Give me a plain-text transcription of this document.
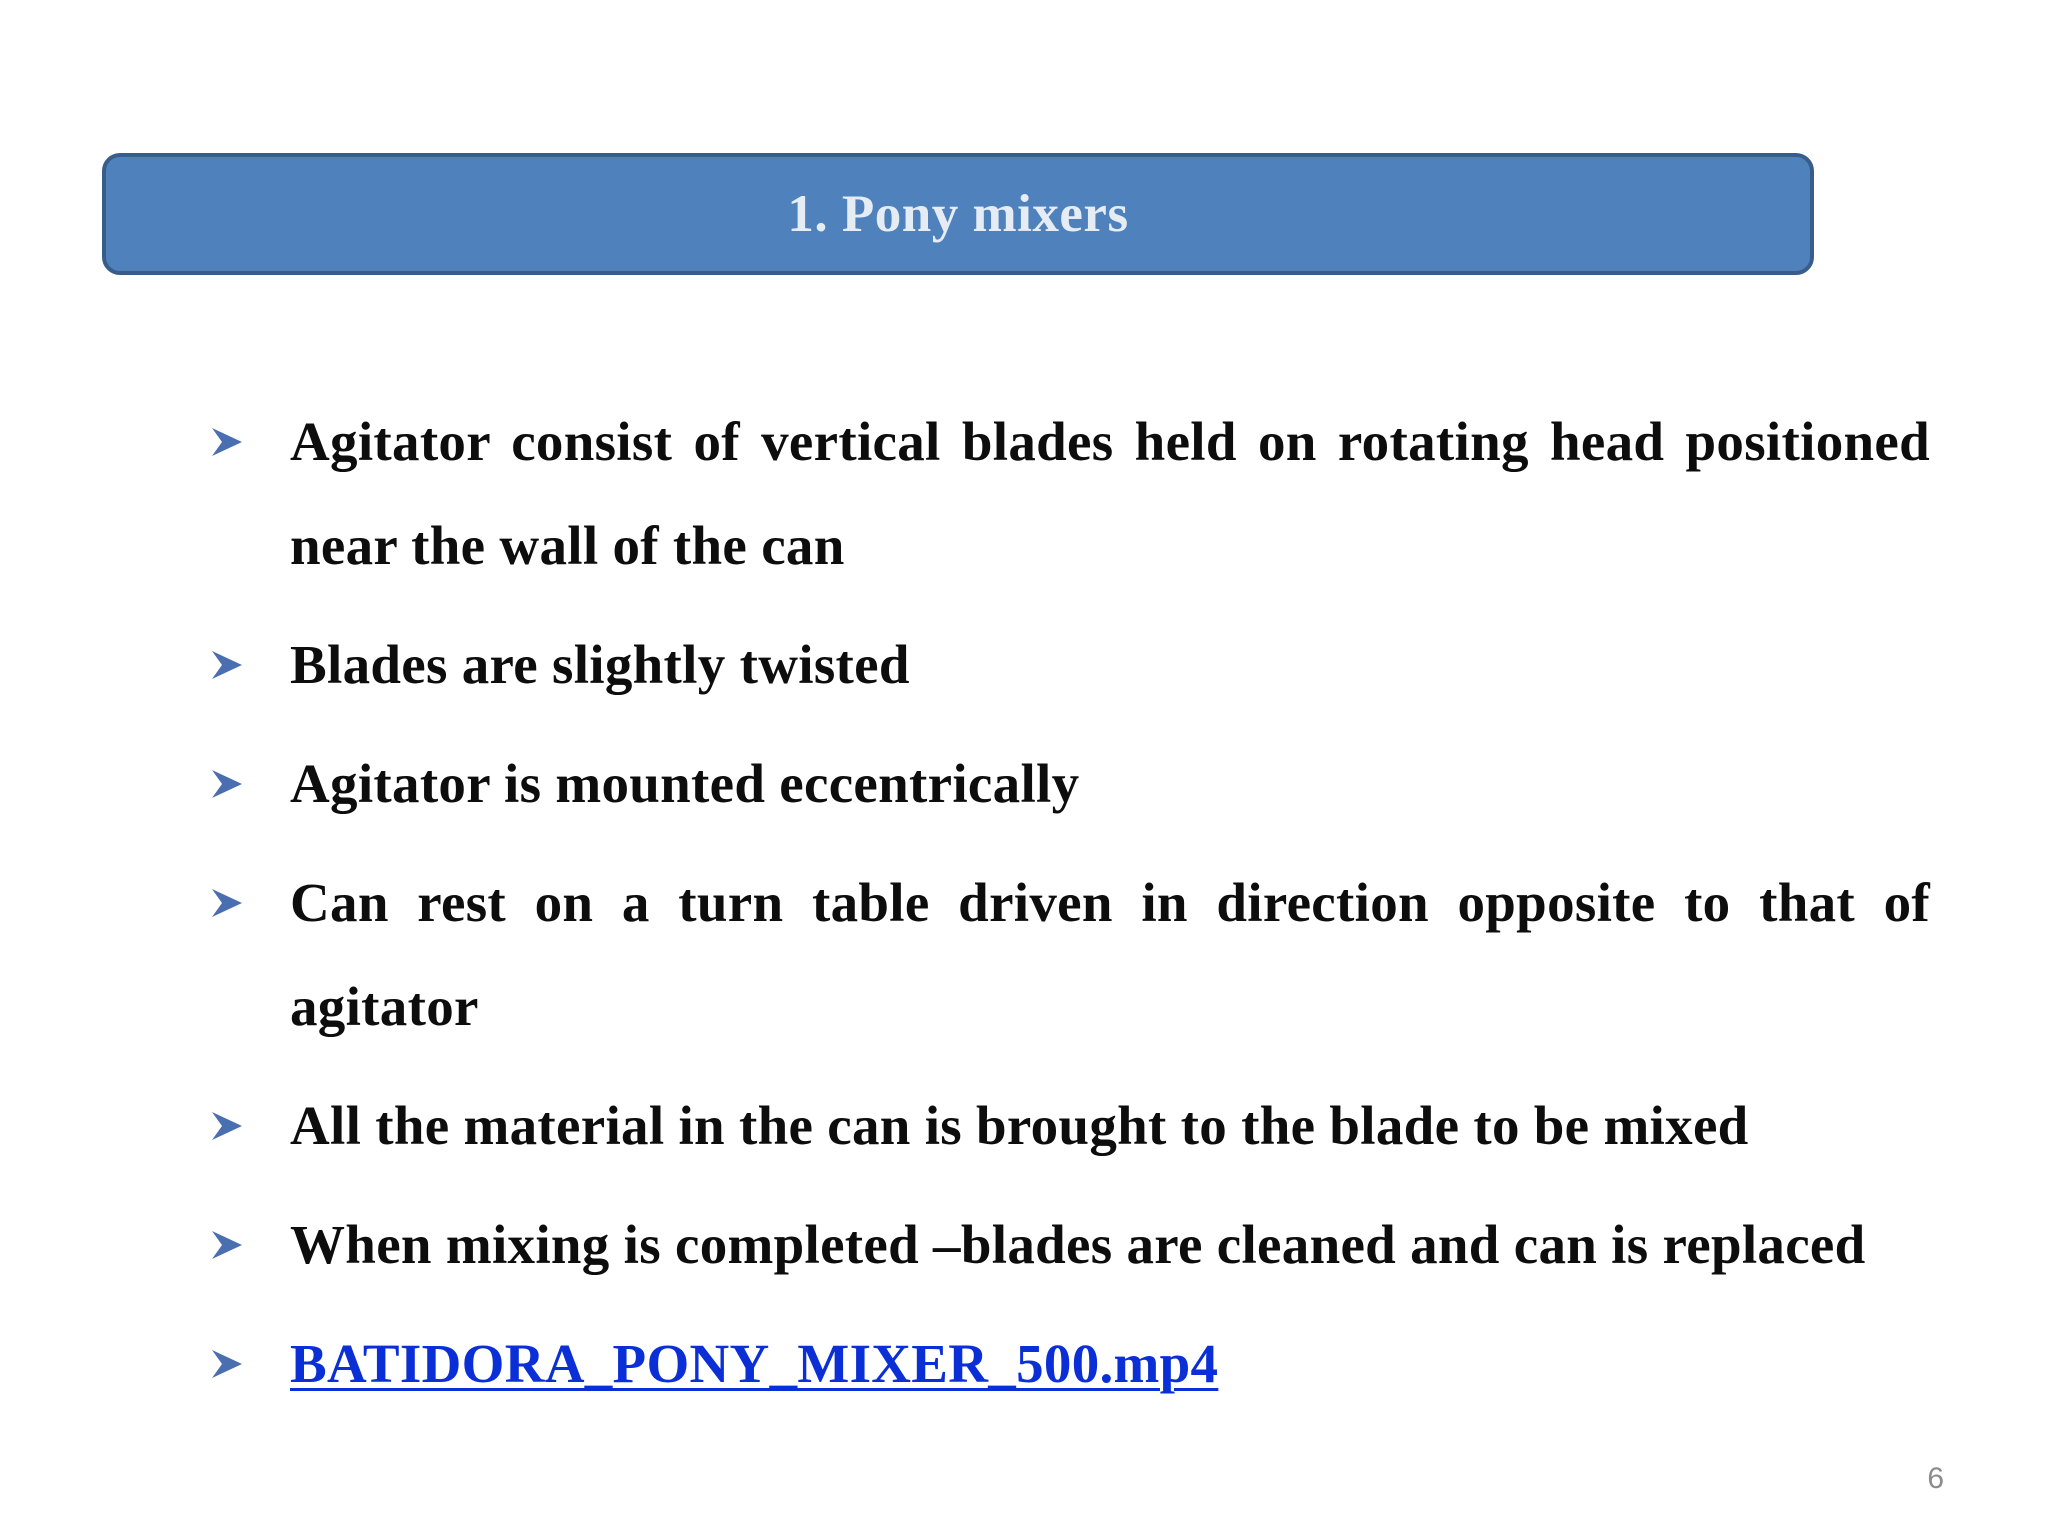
1. Pony mixers
Agitator consist of vertical blades held on rotating head positioned near the wall of the can
Blades are slightly twisted
Agitator is mounted eccentrically
Can rest on a turn table driven in direction opposite to that of agitator
All the material in the can is brought to the blade to be mixed
When mixing is completed –blades are cleaned and can is replaced
BATIDORA_PONY_MIXER_500.mp4
6
